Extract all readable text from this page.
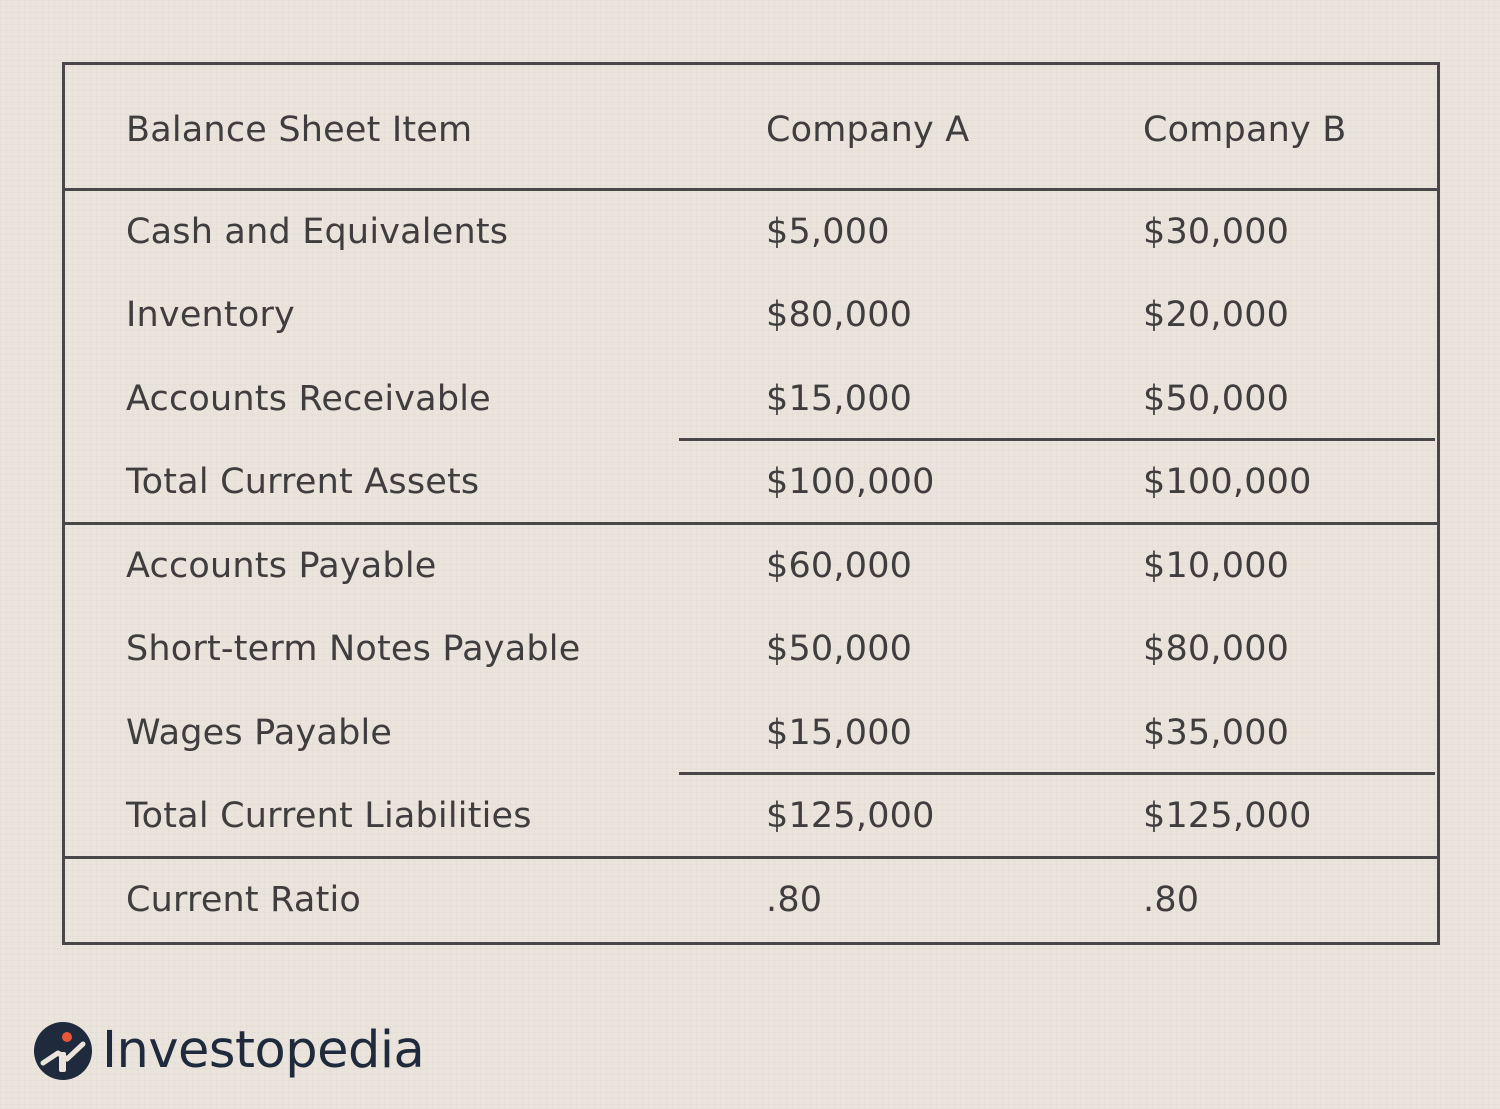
Balance Sheet Item	Company A	Company B
Cash and Equivalents	$5,000	$30,000
Inventory	$80,000	$20,000
Accounts Receivable	$15,000	$50,000
Total Current Assets	$100,000	$100,000
Accounts Payable	$60,000	$10,000
Short-term Notes Payable	$50,000	$80,000
Wages Payable	$15,000	$35,000
Total Current Liabilities	$125,000	$125,000
Current Ratio	.80	.80
Investopedia
